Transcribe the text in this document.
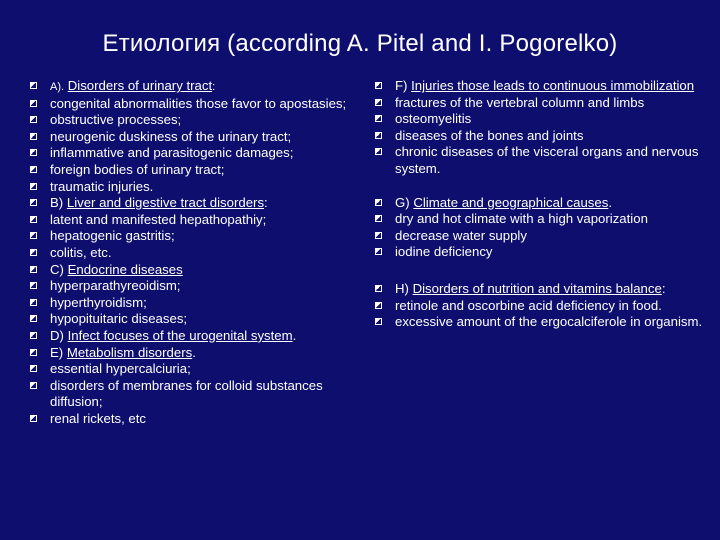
Етиология (according A. Pitel and I. Pogorelko)
A). Disorders of urinary tract:
congenital abnormalities those favor to apostasies;
obstructive processes;
neurogenic duskiness of the urinary tract;
inflammative and parasitogenic damages;
foreign bodies of urinary tract;
traumatic injuries.
B) Liver and digestive tract disorders:
latent and manifested hepathopathiy;
hepatogenic gastritis;
colitis, etc.
C) Endocrine diseases
hyperparathyreoidism;
hyperthyroidism;
hypopituitaric diseases;
D) Infect focuses of the urogenital system.
E) Metabolism disorders.
essential hypercalciuria;
disorders of membranes for colloid substances diffusion;
renal rickets, etc
F) Injuries those leads to continuous immobilization
fractures of the vertebral column and limbs
osteomyelitis
diseases of the bones and joints
chronic diseases of the visceral organs and nervous system.
G) Climate and geographical causes.
dry and hot climate with a high vaporization
decrease water supply
iodine deficiency
H) Disorders of nutrition and vitamins balance:
retinole and oscorbine acid deficiency in food.
excessive amount of the ergocalciferole in organism.
